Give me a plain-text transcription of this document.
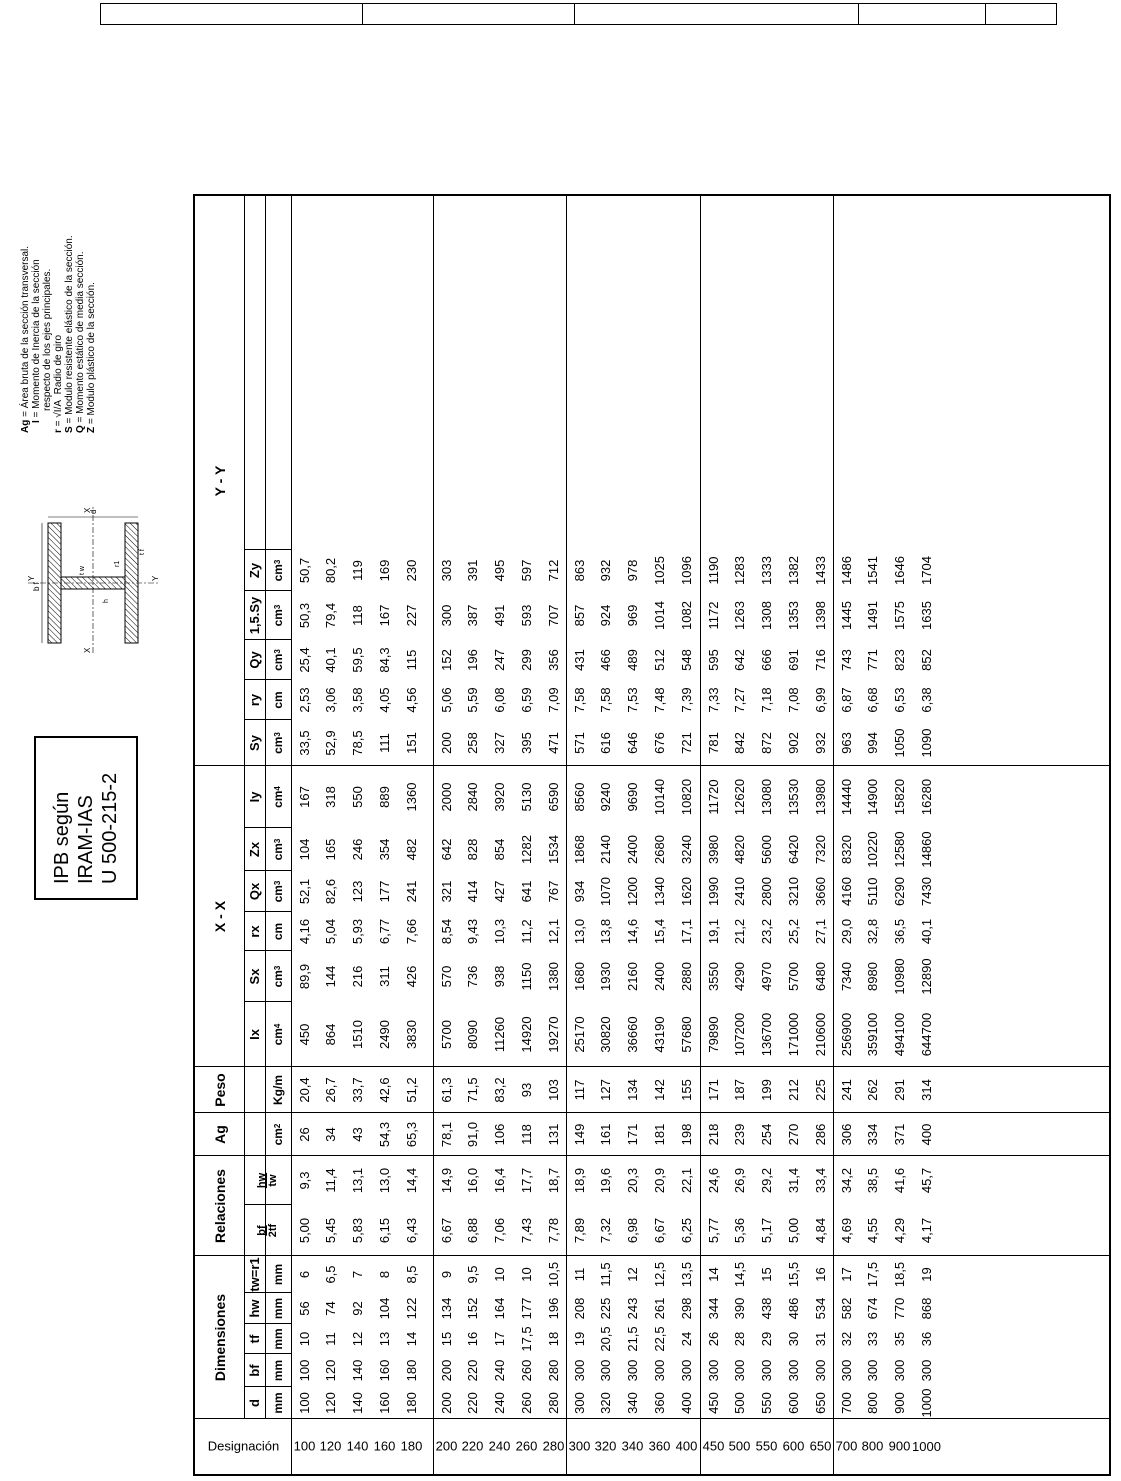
IPB según IRAM-IAS U 500-215-2
Y	Y
X
X
d
b f
t w
t f
r1
h
Ag = Área bruta de la sección transversal.
I = Momento de Inercia de la sección respecto de los ejes principales.
r = √I/A  Radio de giro
S = Modulo resistente elástico de la sección.
Q = Momento estático de media sección.
Z = Modulo plástico de la sección.
Dimensiones
Relaciones
Ag
Peso
X - X
Y - Y
Designación
d mm
bf mm
tf mm
hw mm
tw=r1 mm
bf 2tf
hw tw
cm
2
Kg/m
Ix cm
4
Sx cm
3
rx cm
Qx cm
3
Zx cm
3
Iy cm
4
Sy cm
3
ry cm
Qy cm
3
1,5.Sy cm
3
Zy cm
3
100
100
100
10
56
6
5,00
9,3
26
20,4
450
89,9
4,16
52,1
104
167
33,5
2,53
25,4
50,3
50,7
120
120
120
11
74
6,5
5,45
11,4
34
26,7
864
144
5,04
82,6
165
318
52,9
3,06
40,1
79,4
80,2
140
140
140
12
92
7
5,83
13,1
43
33,7
1510
216
5,93
123
246
550
78,5
3,58
59,5
118
119
160
160
160
13
104
8
6,15
13,0
54,3
42,6
2490
311
6,77
177
354
889
111
4,05
84,3
167
169
180
180
180
14
122
8,5
6,43
14,4
65,3
51,2
3830
426
7,66
241
482
1360
151
4,56
115
227
230
200
200
200
15
134
9
6,67
14,9
78,1
61,3
5700
570
8,54
321
642
2000
200
5,06
152
300
303
220
220
220
16
152
9,5
6,88
16,0
91,0
71,5
8090
736
9,43
414
828
2840
258
5,59
196
387
391
240
240
240
17
164
10
7,06
16,4
106
83,2
11260
938
10,3
427
854
3920
327
6,08
247
491
495
260
260
260
17,5
177
10
7,43
17,7
118
93
14920
1150
11,2
641
1282
5130
395
6,59
299
593
597
280
280
280
18
196
10,5
7,78
18,7
131
103
19270
1380
12,1
767
1534
6590
471
7,09
356
707
712
300
300
300
19
208
11
7,89
18,9
149
117
25170
1680
13,0
934
1868
8560
571
7,58
431
857
863
320
320
300
20,5
225
11,5
7,32
19,6
161
127
30820
1930
13,8
1070
2140
9240
616
7,58
466
924
932
340
340
300
21,5
243
12
6,98
20,3
171
134
36660
2160
14,6
1200
2400
9690
646
7,53
489
969
978
360
360
300
22,5
261
12,5
6,67
20,9
181
142
43190
2400
15,4
1340
2680
10140
676
7,48
512
1014
1025
400
400
300
24
298
13,5
6,25
22,1
198
155
57680
2880
17,1
1620
3240
10820
721
7,39
548
1082
1096
450
450
300
26
344
14
5,77
24,6
218
171
79890
3550
19,1
1990
3980
11720
781
7,33
595
1172
1190
500
500
300
28
390
14,5
5,36
26,9
239
187
107200
4290
21,2
2410
4820
12620
842
7,27
642
1263
1283
550
550
300
29
438
15
5,17
29,2
254
199
136700
4970
23,2
2800
5600
13080
872
7,18
666
1308
1333
600
600
300
30
486
15,5
5,00
31,4
270
212
171000
5700
25,2
3210
6420
13530
902
7,08
691
1353
1382
650
650
300
31
534
16
4,84
33,4
286
225
210600
6480
27,1
3660
7320
13980
932
6,99
716
1398
1433
700
700
300
32
582
17
4,69
34,2
306
241
256900
7340
29,0
4160
8320
14440
963
6,87
743
1445
1486
800
800
300
33
674
17,5
4,55
38,5
334
262
359100
8980
32,8
5110
10220
14900
994
6,68
771
1491
1541
900
900
300
35
770
18,5
4,29
41,6
371
291
494100
10980
36,5
6290
12580
15820
1050
6,53
823
1575
1646
1000
1000
300
36
868
19
4,17
45,7
400
314
644700
12890
40,1
7430
14860
16280
1090
6,38
852
1635
1704
